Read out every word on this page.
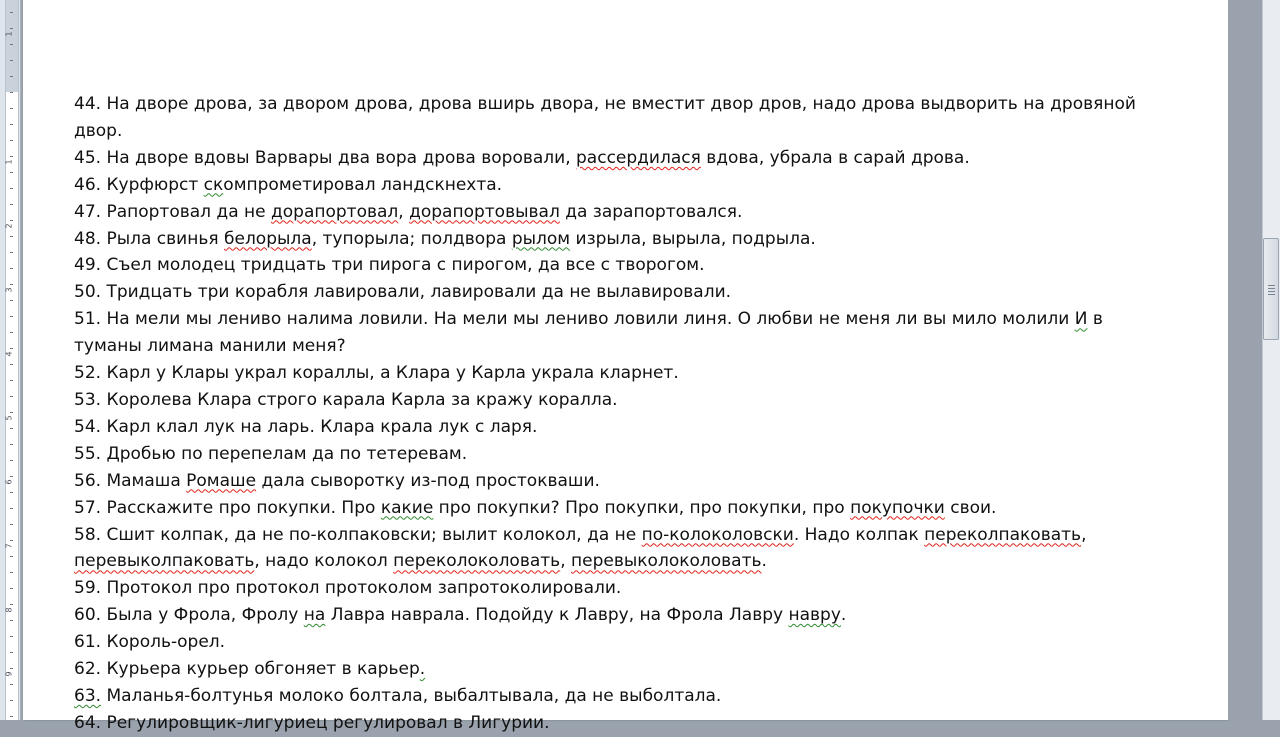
1
1
2
3
4
5
6
7
8
9

44. На дворе дрова, за двором дрова, дрова вширь двора, не вместит двор дров, надо дрова выдворить на дровяной двор.

45. На дворе вдовы Варвары два вора дрова воровали, рассердилася вдова, убрала в сарай дрова.

46. Курфюрст скомпрометировал ландскнехта.

47. Рапортовал да не дорапортовал, дорапортовывал да зарапортовался.

48. Рыла свинья белорыла, тупорыла; полдвора рылом изрыла, вырыла, подрыла.

49. Съел молодец тридцать три пирога с пирогом, да все с творогом.

50. Тридцать три корабля лавировали, лавировали да не вылавировали.

51. На мели мы лениво налима ловили. На мели мы лениво ловили линя. О любви не меня ли вы мило молили И в туманы лимана манили меня?

52. Карл у Клары украл кораллы, а Клара у Карла украла кларнет.

53. Королева Клара строго карала Карла за кражу коралла.

54. Карл клал лук на ларь. Клара крала лук с ларя.

55. Дробью по перепелам да по тетеревам.

56. Мамаша Ромаше дала сыворотку из-под простокваши.

57. Расскажите про покупки. Про какие про покупки? Про покупки, про покупки, про покупочки свои.

58. Сшит колпак, да не по-колпаковски; вылит колокол, да не по-колоколовски. Надо колпак переколпаковать, перевыколпаковать, надо колокол переколоколовать, перевыколоколовать.

59. Протокол про протокол протоколом запротоколировали.

60. Была у Фрола, Фролу на Лавра наврала. Подойду к Лавру, на Фрола Лавру навру.

61. Король-орел.

62. Курьера курьер обгоняет в карьер.

63. Маланья-болтунья молоко болтала, выбалтывала, да не выболтала.

64. Регулировщик-лигуриец регулировал в Лигурии.
